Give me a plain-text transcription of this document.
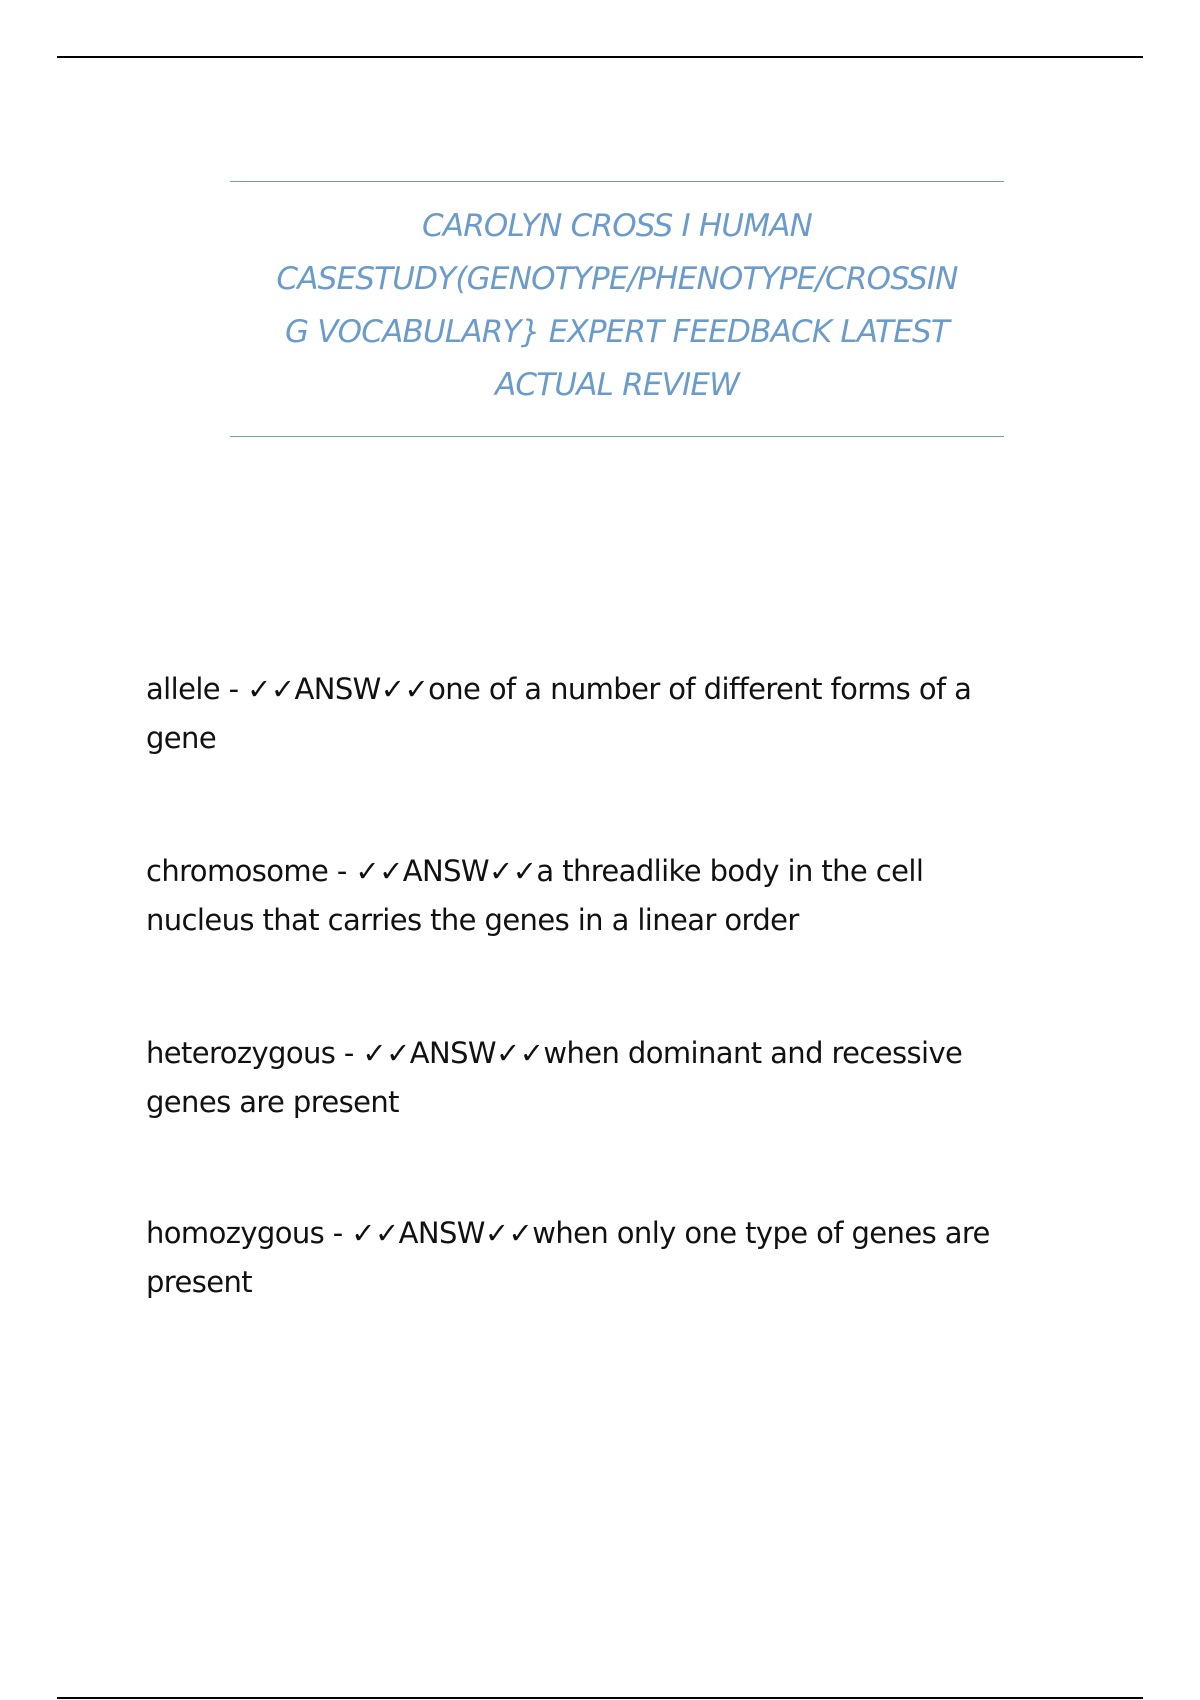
CAROLYN CROSS I HUMAN
CASESTUDY(GENOTYPE/PHENOTYPE/CROSSIN
G VOCABULARY} EXPERT FEEDBACK LATEST
ACTUAL REVIEW
allele - ✓✓ANSW✓✓one of a number of different forms of a
gene
chromosome - ✓✓ANSW✓✓a threadlike body in the cell
nucleus that carries the genes in a linear order
heterozygous - ✓✓ANSW✓✓when dominant and recessive
genes are present
homozygous - ✓✓ANSW✓✓when only one type of genes are
present
